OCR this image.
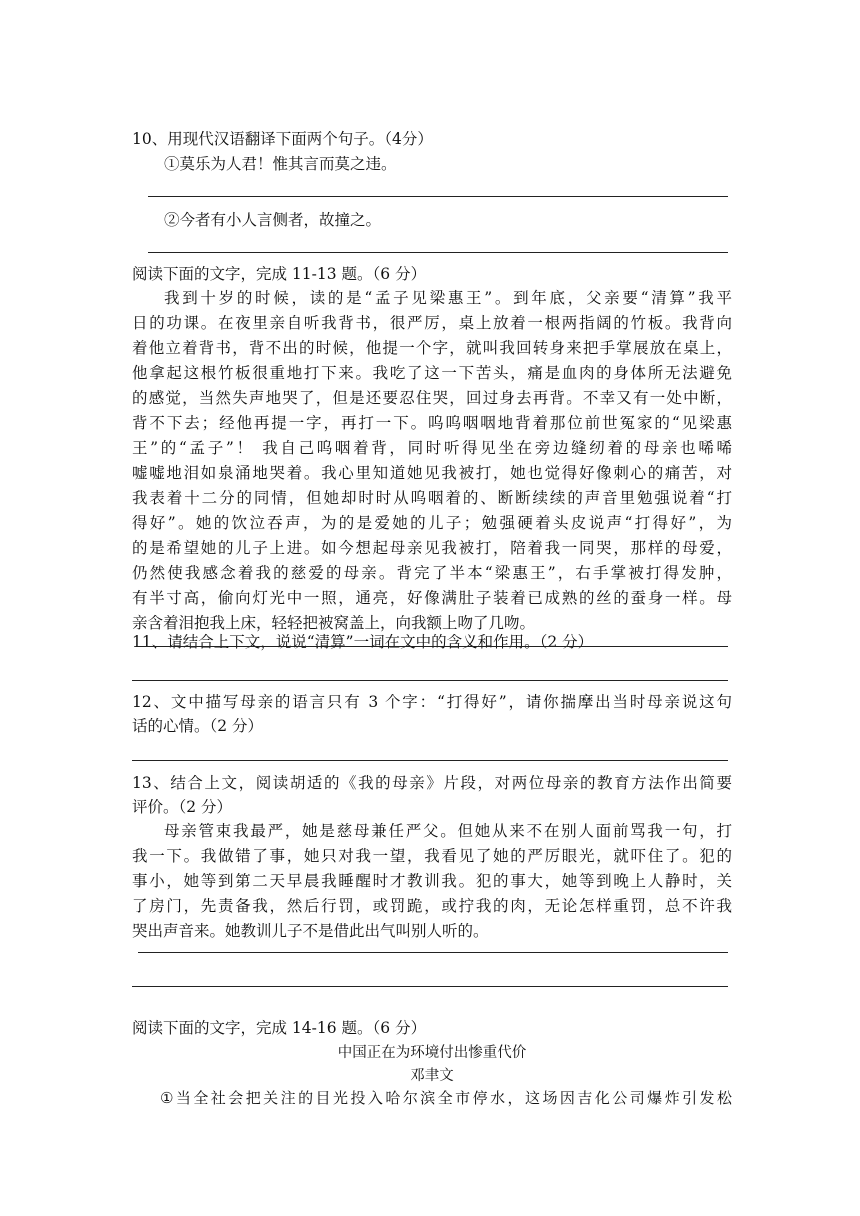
10、用现代汉语翻译下面两个句子。（4分）
①莫乐为人君！惟其言而莫之违。
②今者有小人言侧者，故撞之。
阅读下面的文字，完成 11-13 题。（6 分）
我到十岁的时候，读的是“孟子见梁惠王”。到年底，父亲要“清算”我平
日的功课。在夜里亲自听我背书，很严厉，桌上放着一根两指阔的竹板。我背向
着他立着背书，背不出的时候，他提一个字，就叫我回转身来把手掌展放在桌上，
他拿起这根竹板很重地打下来。我吃了这一下苦头，痛是血肉的身体所无法避免
的感觉，当然失声地哭了，但是还要忍住哭，回过身去再背。不幸又有一处中断，
背不下去；经他再提一字，再打一下。呜呜咽咽地背着那位前世冤家的“见梁惠
王”的“孟子”！ 我自己呜咽着背，同时听得见坐在旁边缝纫着的母亲也唏唏
嘘嘘地泪如泉涌地哭着。我心里知道她见我被打，她也觉得好像刺心的痛苦，对
我表着十二分的同情，但她却时时从呜咽着的、断断续续的声音里勉强说着“打
得好”。她的饮泣吞声，为的是爱她的儿子；勉强硬着头皮说声“打得好”，为
的是希望她的儿子上进。如今想起母亲见我被打，陪着我一同哭，那样的母爱，
仍然使我感念着我的慈爱的母亲。背完了半本“梁惠王”，右手掌被打得发肿，
有半寸高，偷向灯光中一照，通亮，好像满肚子装着已成熟的丝的蚕身一样。母
亲含着泪抱我上床，轻轻把被窝盖上，向我额上吻了几吻。
11、请结合上下文，说说“清算”一词在文中的含义和作用。（2 分）
12、文中描写母亲的语言只有 3 个字：“打得好”，请你揣摩出当时母亲说这句
话的心情。（2 分）
13、结合上文，阅读胡适的《我的母亲》片段，对两位母亲的教育方法作出简要
评价。（2 分）
母亲管束我最严，她是慈母兼任严父。但她从来不在别人面前骂我一句，打
我一下。我做错了事，她只对我一望，我看见了她的严厉眼光，就吓住了。犯的
事小，她等到第二天早晨我睡醒时才教训我。犯的事大，她等到晚上人静时，关
了房门，先责备我，然后行罚，或罚跪，或拧我的肉，无论怎样重罚，总不许我
哭出声音来。她教训儿子不是借此出气叫别人听的。
阅读下面的文字，完成 14-16 题。（6 分）
中国正在为环境付出惨重代价
邓聿文
①当全社会把关注的目光投入哈尔滨全市停水，这场因吉化公司爆炸引发松
